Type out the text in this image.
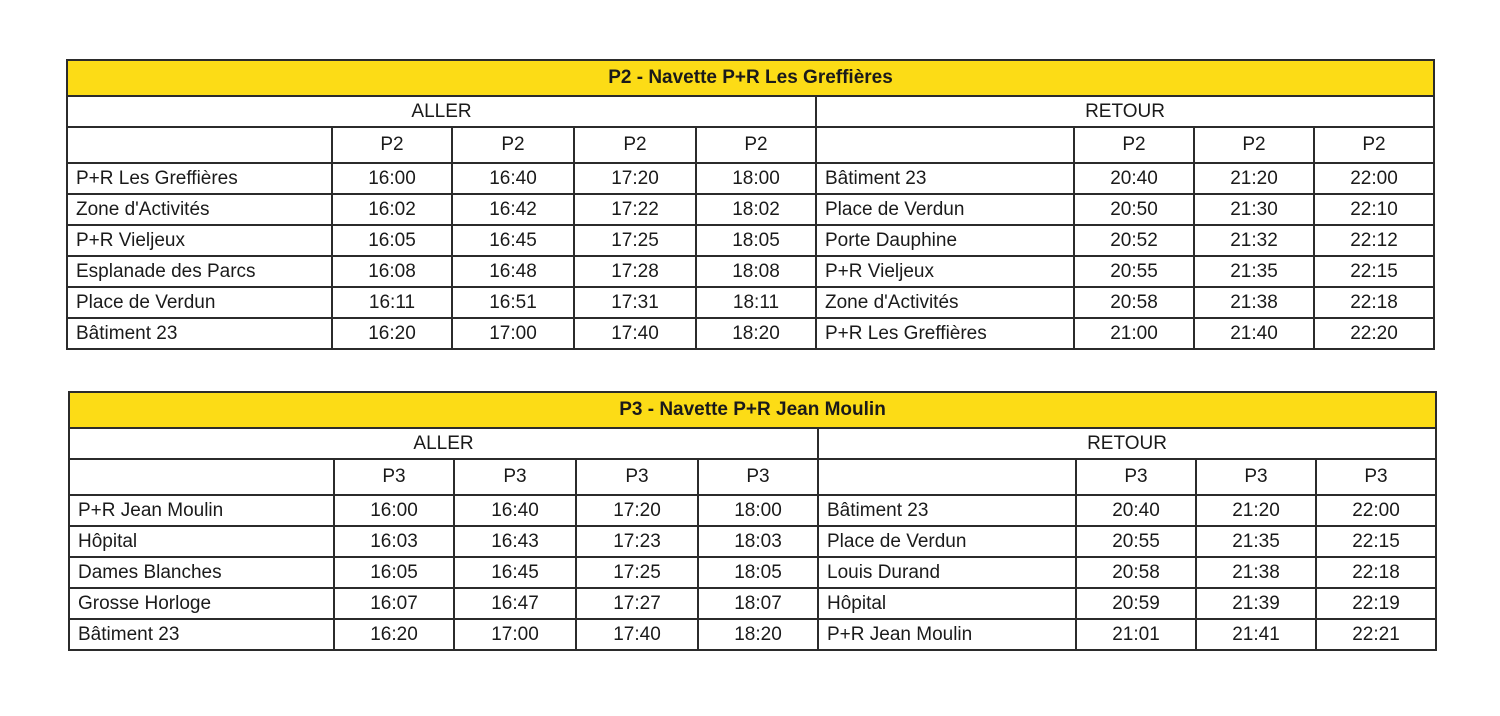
P2 - Navette P+R Les Greffières								
ALLER					RETOUR			
	P2	P2	P2	P2		P2	P2	P2
P+R Les Greffières	16:00	16:40	17:20	18:00	Bâtiment 23	20:40	21:20	22:00
Zone d'Activités	16:02	16:42	17:22	18:02	Place de Verdun	20:50	21:30	22:10
P+R Vieljeux	16:05	16:45	17:25	18:05	Porte Dauphine	20:52	21:32	22:12
Esplanade des Parcs	16:08	16:48	17:28	18:08	P+R Vieljeux	20:55	21:35	22:15
Place de Verdun	16:11	16:51	17:31	18:11	Zone d'Activités	20:58	21:38	22:18
Bâtiment 23	16:20	17:00	17:40	18:20	P+R Les Greffières	21:00	21:40	22:20
P3 - Navette P+R Jean Moulin								
ALLER					RETOUR			
	P3	P3	P3	P3		P3	P3	P3
P+R Jean Moulin	16:00	16:40	17:20	18:00	Bâtiment 23	20:40	21:20	22:00
Hôpital	16:03	16:43	17:23	18:03	Place de Verdun	20:55	21:35	22:15
Dames Blanches	16:05	16:45	17:25	18:05	Louis Durand	20:58	21:38	22:18
Grosse Horloge	16:07	16:47	17:27	18:07	Hôpital	20:59	21:39	22:19
Bâtiment 23	16:20	17:00	17:40	18:20	P+R Jean Moulin	21:01	21:41	22:21
